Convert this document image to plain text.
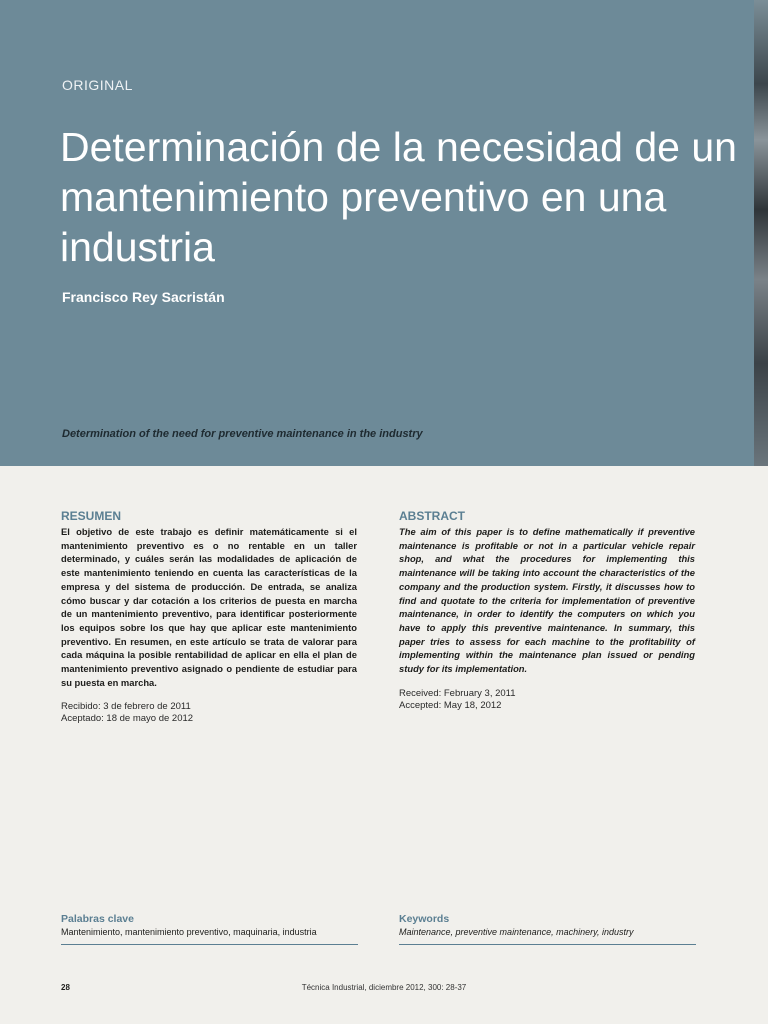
ORIGINAL
Determinación de la necesidad de un mantenimiento preventivo en una industria
Francisco Rey Sacristán
Determination of the need for preventive maintenance in the industry
RESUMEN

El objetivo de este trabajo es definir matemáticamente si el mantenimiento preventivo es o no rentable en un taller determinado, y cuáles serán las modalidades de aplicación de este mantenimiento teniendo en cuenta las características de la empresa y del sistema de producción. De entrada, se analiza cómo buscar y dar cotación a los criterios de puesta en marcha de un mantenimiento preventivo, para identificar posteriormente los equipos sobre los que hay que aplicar este mantenimiento preventivo. En resumen, en este artículo se trata de valorar para cada máquina la posible rentabilidad de aplicar en ella el plan de mantenimiento preventivo asignado o pendiente de estudiar para su puesta en marcha.

Recibido: 3 de febrero de 2011
Aceptado: 18 de mayo de 2012
ABSTRACT

The aim of this paper is to define mathematically if preventive maintenance is profitable or not in a particular vehicle repair shop, and what the procedures for implementing this maintenance will be taking into account the characteristics of the company and the production system. Firstly, it discusses how to find and quotate to the criteria for implementation of preventive maintenance, in order to identify the computers on which you have to apply this preventive maintenance. In summary, this paper tries to assess for each machine to the profitability of implementing within the maintenance plan issued or pending study for its implementation.

Received: February 3, 2011
Accepted: May 18, 2012
Palabras clave
Mantenimiento, mantenimiento preventivo, maquinaria, industria
Keywords
Maintenance, preventive maintenance, machinery, industry
Técnica Industrial, diciembre 2012, 300: 28-37
28
